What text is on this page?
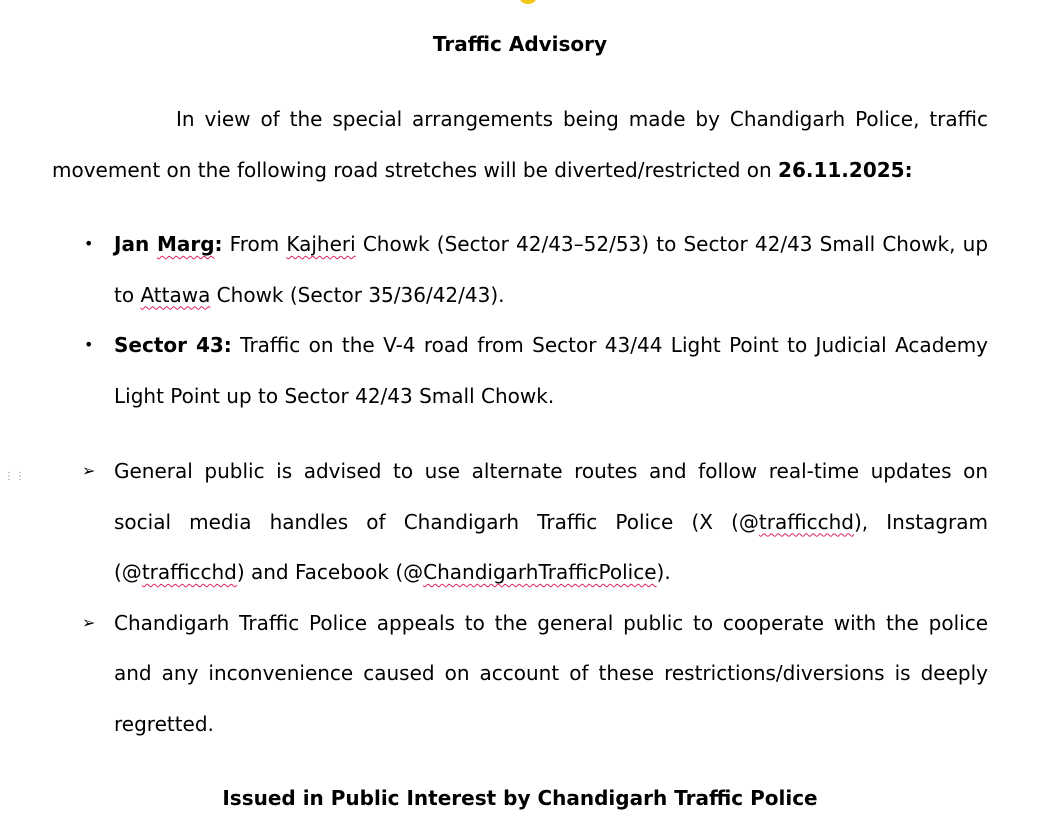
⋮⋮
Traffic Advisory

In view of the special arrangements being made by Chandigarh Police, traffic movement on the following road stretches will be diverted/restricted on 26.11.2025:

• Jan Marg: From Kajheri Chowk (Sector 42/43–52/53) to Sector 42/43 Small Chowk, up to Attawa Chowk (Sector 35/36/42/43).
• Sector 43: Traffic on the V-4 road from Sector 43/44 Light Point to Judicial Academy Light Point up to Sector 42/43 Small Chowk.
➢ General public is advised to use alternate routes and follow real-time updates on social media handles of Chandigarh Traffic Police (X (@trafficchd), Instagram (@trafficchd) and Facebook (@ChandigarhTrafficPolice).
➢ Chandigarh Traffic Police appeals to the general public to cooperate with the police and any inconvenience caused on account of these restrictions/diversions is deeply regretted.

Issued in Public Interest by Chandigarh Traffic Police
